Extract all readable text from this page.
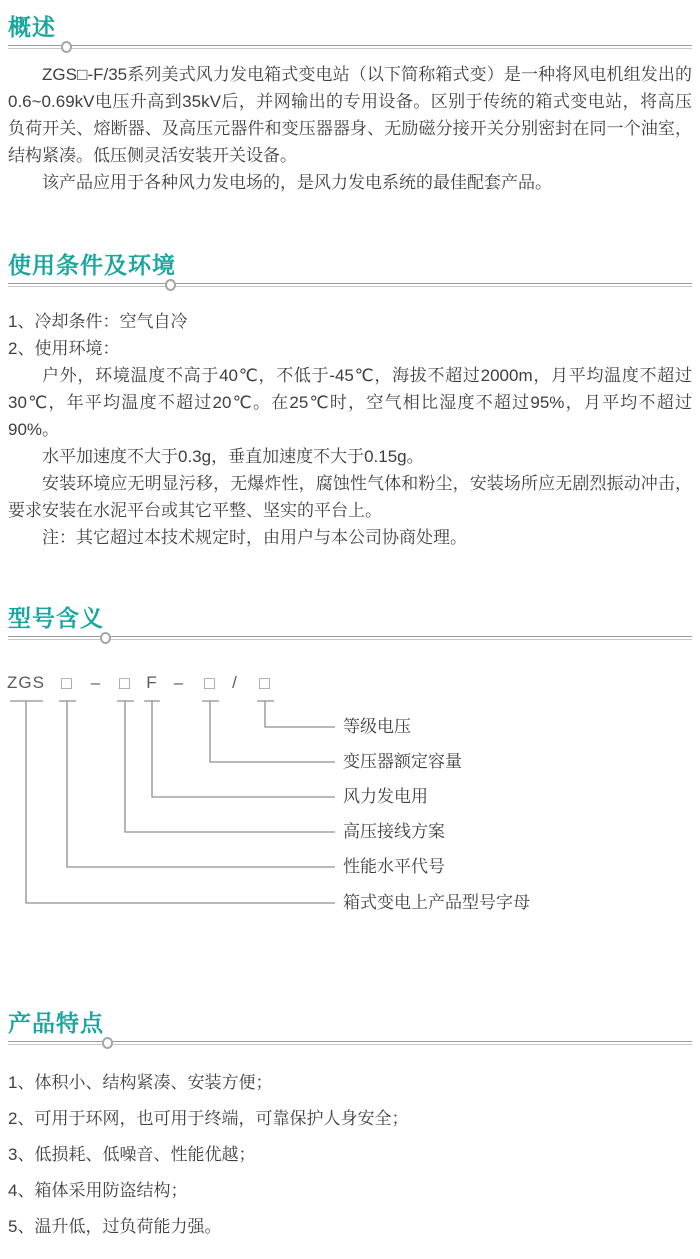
概述

ZGS□-F/35系列美式风力发电箱式变电站（以下简称箱式变）是一种将风电机组发出的0.6~0.69kV电压升高到35kV后，并网输出的专用设备。区别于传统的箱式变电站，将高压负荷开关、熔断器、及高压元器件和变压器器身、无励磁分接开关分别密封在同一个油室，结构紧凑。低压侧灵活安装开关设备。

该产品应用于各种风力发电场的，是风力发电系统的最佳配套产品。

使用条件及环境
1、冷却条件：空气自冷
2、使用环境：

户外，环境温度不高于40℃，不低于-45℃，海拔不超过2000m，月平均温度不超过30℃，年平均温度不超过20℃。在25℃时，空气相比湿度不超过95%，月平均不超过90%。

水平加速度不大于0.3g，垂直加速度不大于0.15g。

安装环境应无明显污移，无爆炸性，腐蚀性气体和粉尘，安装场所应无剧烈振动冲击，要求安装在水泥平台或其它平整、坚实的平台上。

注：其它超过本技术规定时，由用户与本公司协商处理。

型号含义
ZGS □ – □ F – □ / □
等级电压
变压器额定容量
风力发电用
高压接线方案
性能水平代号
箱式变电上产品型号字母
产品特点
1、体积小、结构紧凑、安装方便；
2、可用于环网，也可用于终端，可靠保护人身安全；
3、低损耗、低噪音、性能优越；
4、箱体采用防盗结构；
5、温升低，过负荷能力强。
